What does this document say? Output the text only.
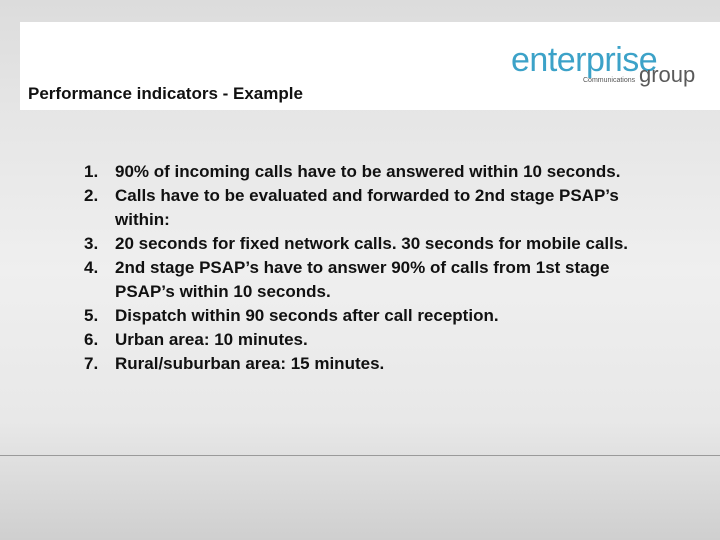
Performance indicators - Example
enterprise
Communications group
1. 90% of incoming calls have to be answered within 10 seconds.
2. Calls have to be evaluated and forwarded to 2nd stage PSAP’s within:
3. 20 seconds for fixed network calls. 30 seconds for mobile calls.
4. 2nd stage PSAP’s have to answer 90% of calls from 1st stage PSAP’s within 10 seconds.
5. Dispatch within 90 seconds after call reception.
6. Urban area: 10 minutes.
7. Rural/suburban area: 15 minutes.
